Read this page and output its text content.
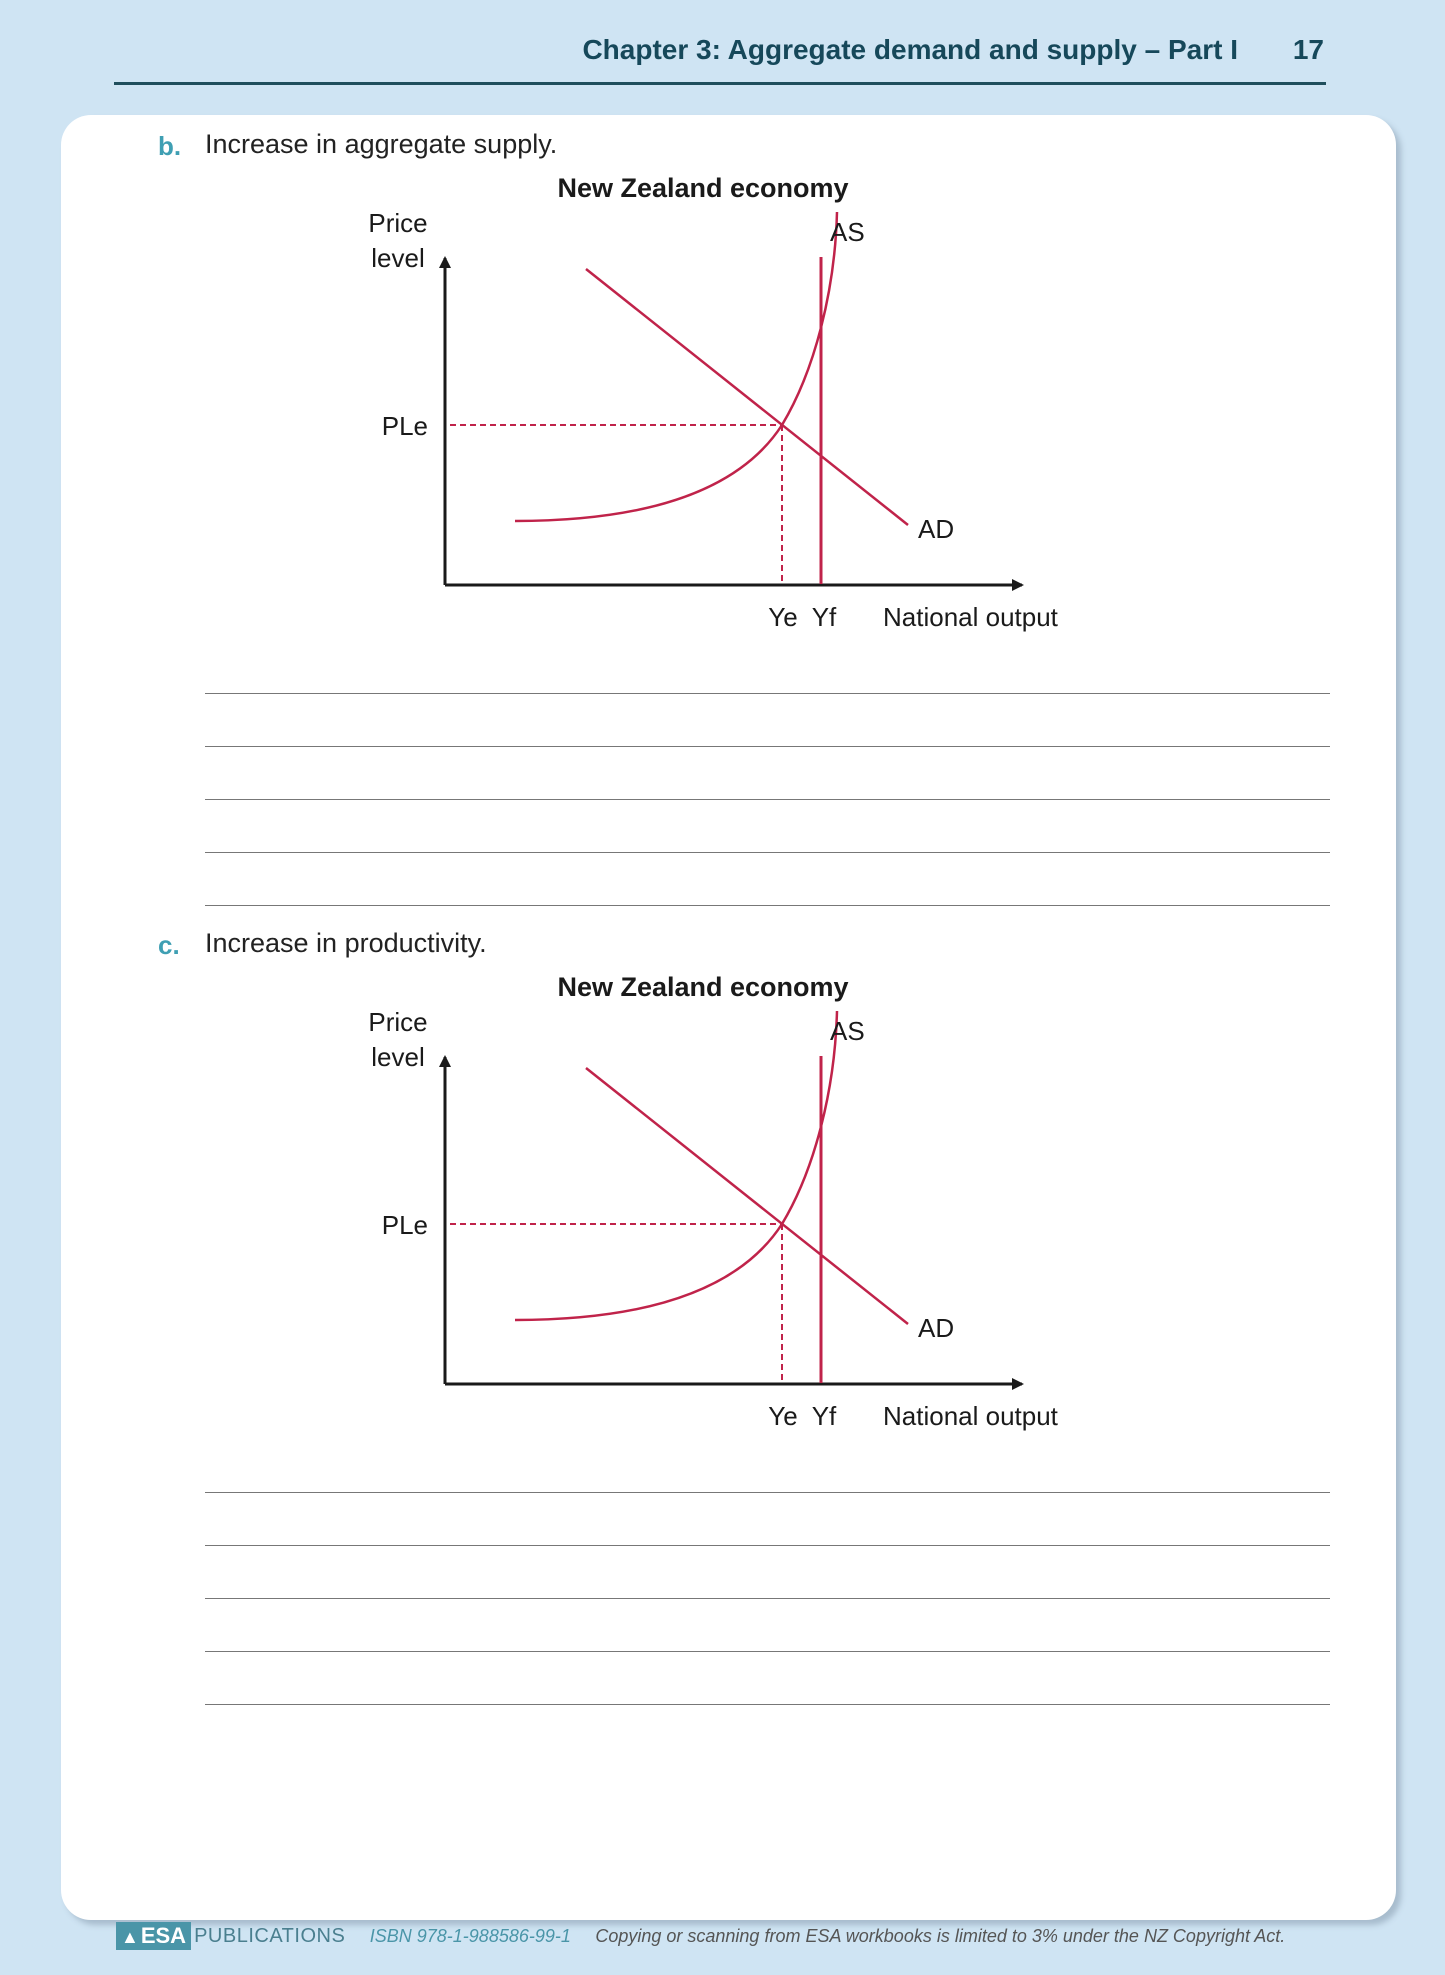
Chapter 3: Aggregate demand and supply – Part I 17
b. Increase in aggregate supply.
New Zealand economy
Price
level
AS
AD
PLe
Ye Yf National output
c. Increase in productivity.
New Zealand economy
Price
level
AS
AD
PLe
Ye Yf National output
▲ESA PUBLICATIONS ISBN 978-1-988586-99-1 Copying or scanning from ESA workbooks is limited to 3% under the NZ Copyright Act.
